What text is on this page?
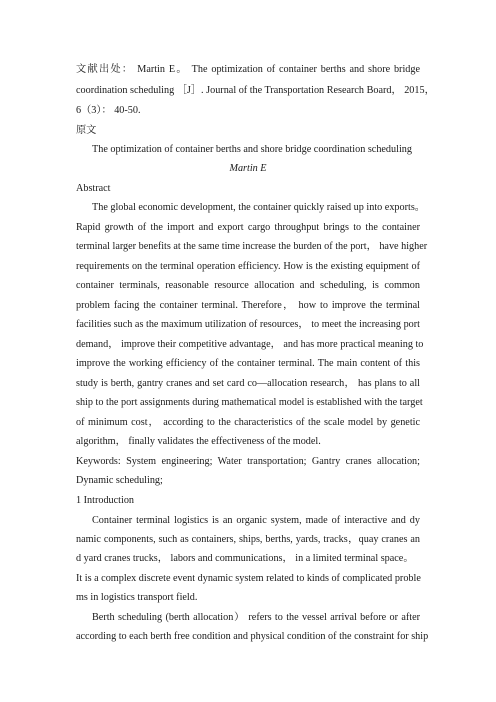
文献出处： Martin E。 The optimization of container berths and shore bridge
coordination scheduling ［J］. Journal of the Transportation Research Board， 2015，
6（3）： 40-50.
原文
The optimization of container berths and shore bridge coordination scheduling
Martin E
Abstract
The global economic development, the container quickly raised up into exports。
Rapid growth of the import and export cargo throughput brings to the container
terminal larger benefits at the same time increase the burden of the port， have higher
requirements on the terminal operation efficiency. How is the existing equipment of
container terminals, reasonable resource allocation and scheduling, is common
problem facing the container terminal. Therefore， how to improve the terminal
facilities such as the maximum utilization of resources， to meet the increasing port
demand， improve their competitive advantage， and has more practical meaning to
improve the working efficiency of the container terminal. The main content of this
study is berth, gantry cranes and set card co—allocation research， has plans to all
ship to the port assignments during mathematical model is established with the target
of minimum cost， according to the characteristics of the scale model by genetic
algorithm， finally validates the effectiveness of the model.
Keywords: System engineering; Water transportation; Gantry cranes allocation;
Dynamic scheduling;
1 Introduction
Container terminal logistics is an organic system, made of interactive and dy
namic components, such as containers, ships, berths, yards, tracks，quay cranes an
d yard cranes trucks， labors and communications， in a limited terminal space。
It is a complex discrete event dynamic system related to kinds of complicated proble
ms in logistics transport field.
Berth scheduling (berth allocation） refers to the vessel arrival before or after
according to each berth free condition and physical condition of the constraint for ship
